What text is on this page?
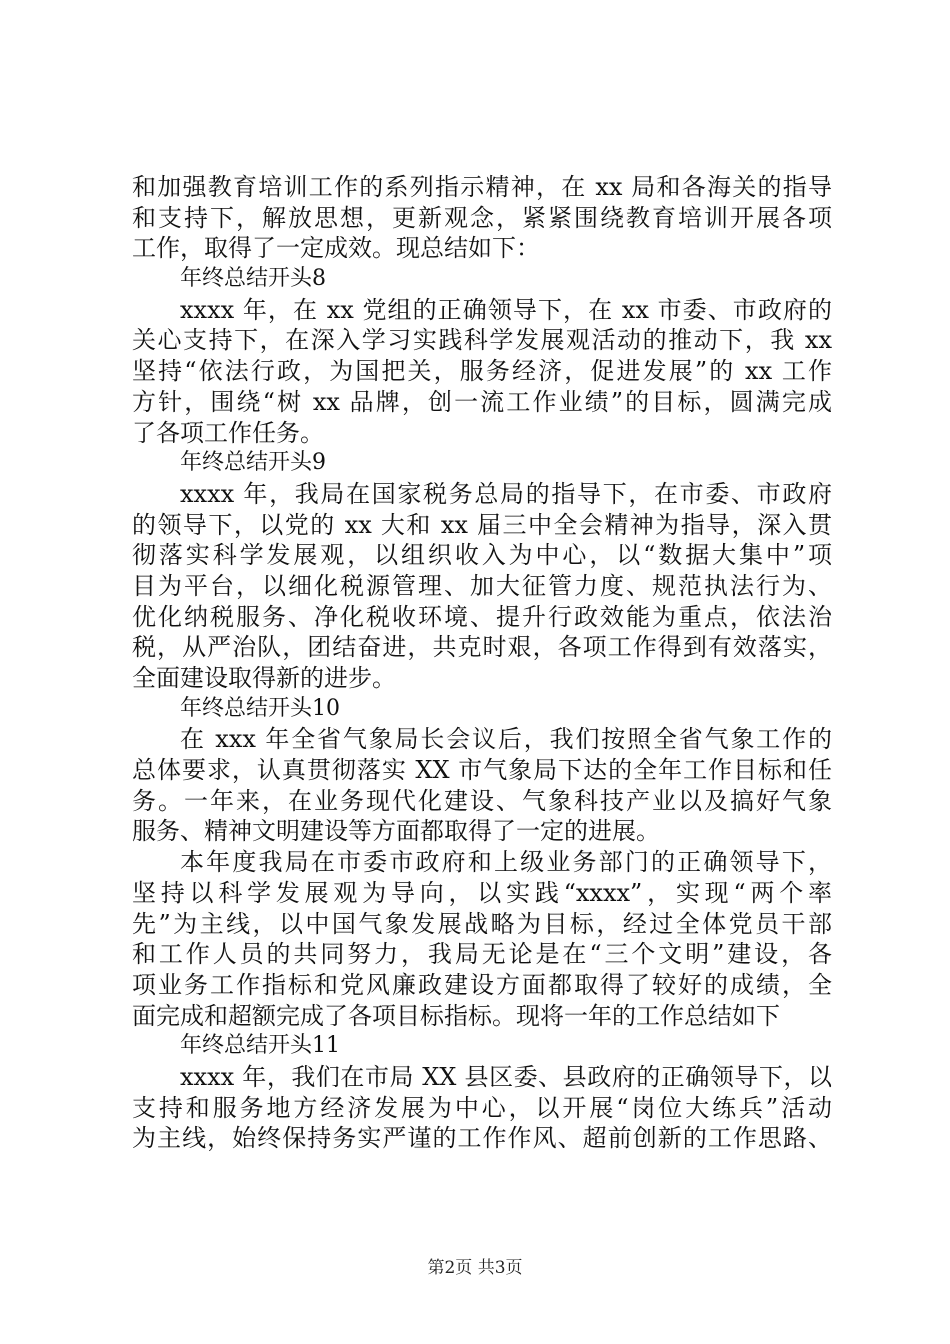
和加强教育培训工作的系列指示精神，在 xx 局和各海关的指导
和支持下，解放思想，更新观念，紧紧围绕教育培训开展各项
工作，取得了一定成效。现总结如下：
年终总结开头8
xxxx 年，在 xx 党组的正确领导下，在 xx 市委、市政府的
关心支持下，在深入学习实践科学发展观活动的推动下，我 xx
坚持“依法行政，为国把关，服务经济，促进发展”的 xx 工作
方针，围绕“树 xx 品牌，创一流工作业绩”的目标，圆满完成
了各项工作任务。
年终总结开头9
xxxx 年，我局在国家税务总局的指导下，在市委、市政府
的领导下，以党的 xx 大和 xx 届三中全会精神为指导，深入贯
彻落实科学发展观，以组织收入为中心，以“数据大集中”项
目为平台，以细化税源管理、加大征管力度、规范执法行为、
优化纳税服务、净化税收环境、提升行政效能为重点，依法治
税，从严治队，团结奋进，共克时艰，各项工作得到有效落实，
全面建设取得新的进步。
年终总结开头10
在 xxx 年全省气象局长会议后，我们按照全省气象工作的
总体要求，认真贯彻落实 XX 市气象局下达的全年工作目标和任
务。一年来，在业务现代化建设、气象科技产业以及搞好气象
服务、精神文明建设等方面都取得了一定的进展。
本年度我局在市委市政府和上级业务部门的正确领导下，
坚持以科学发展观为导向，以实践“xxxx”，实现“两个率
先”为主线，以中国气象发展战略为目标，经过全体党员干部
和工作人员的共同努力，我局无论是在“三个文明”建设，各
项业务工作指标和党风廉政建设方面都取得了较好的成绩，全
面完成和超额完成了各项目标指标。现将一年的工作总结如下
年终总结开头11
xxxx 年，我们在市局 XX 县区委、县政府的正确领导下，以
支持和服务地方经济发展为中心，以开展“岗位大练兵”活动
为主线，始终保持务实严谨的工作作风、超前创新的工作思路、
第2页 共3页
